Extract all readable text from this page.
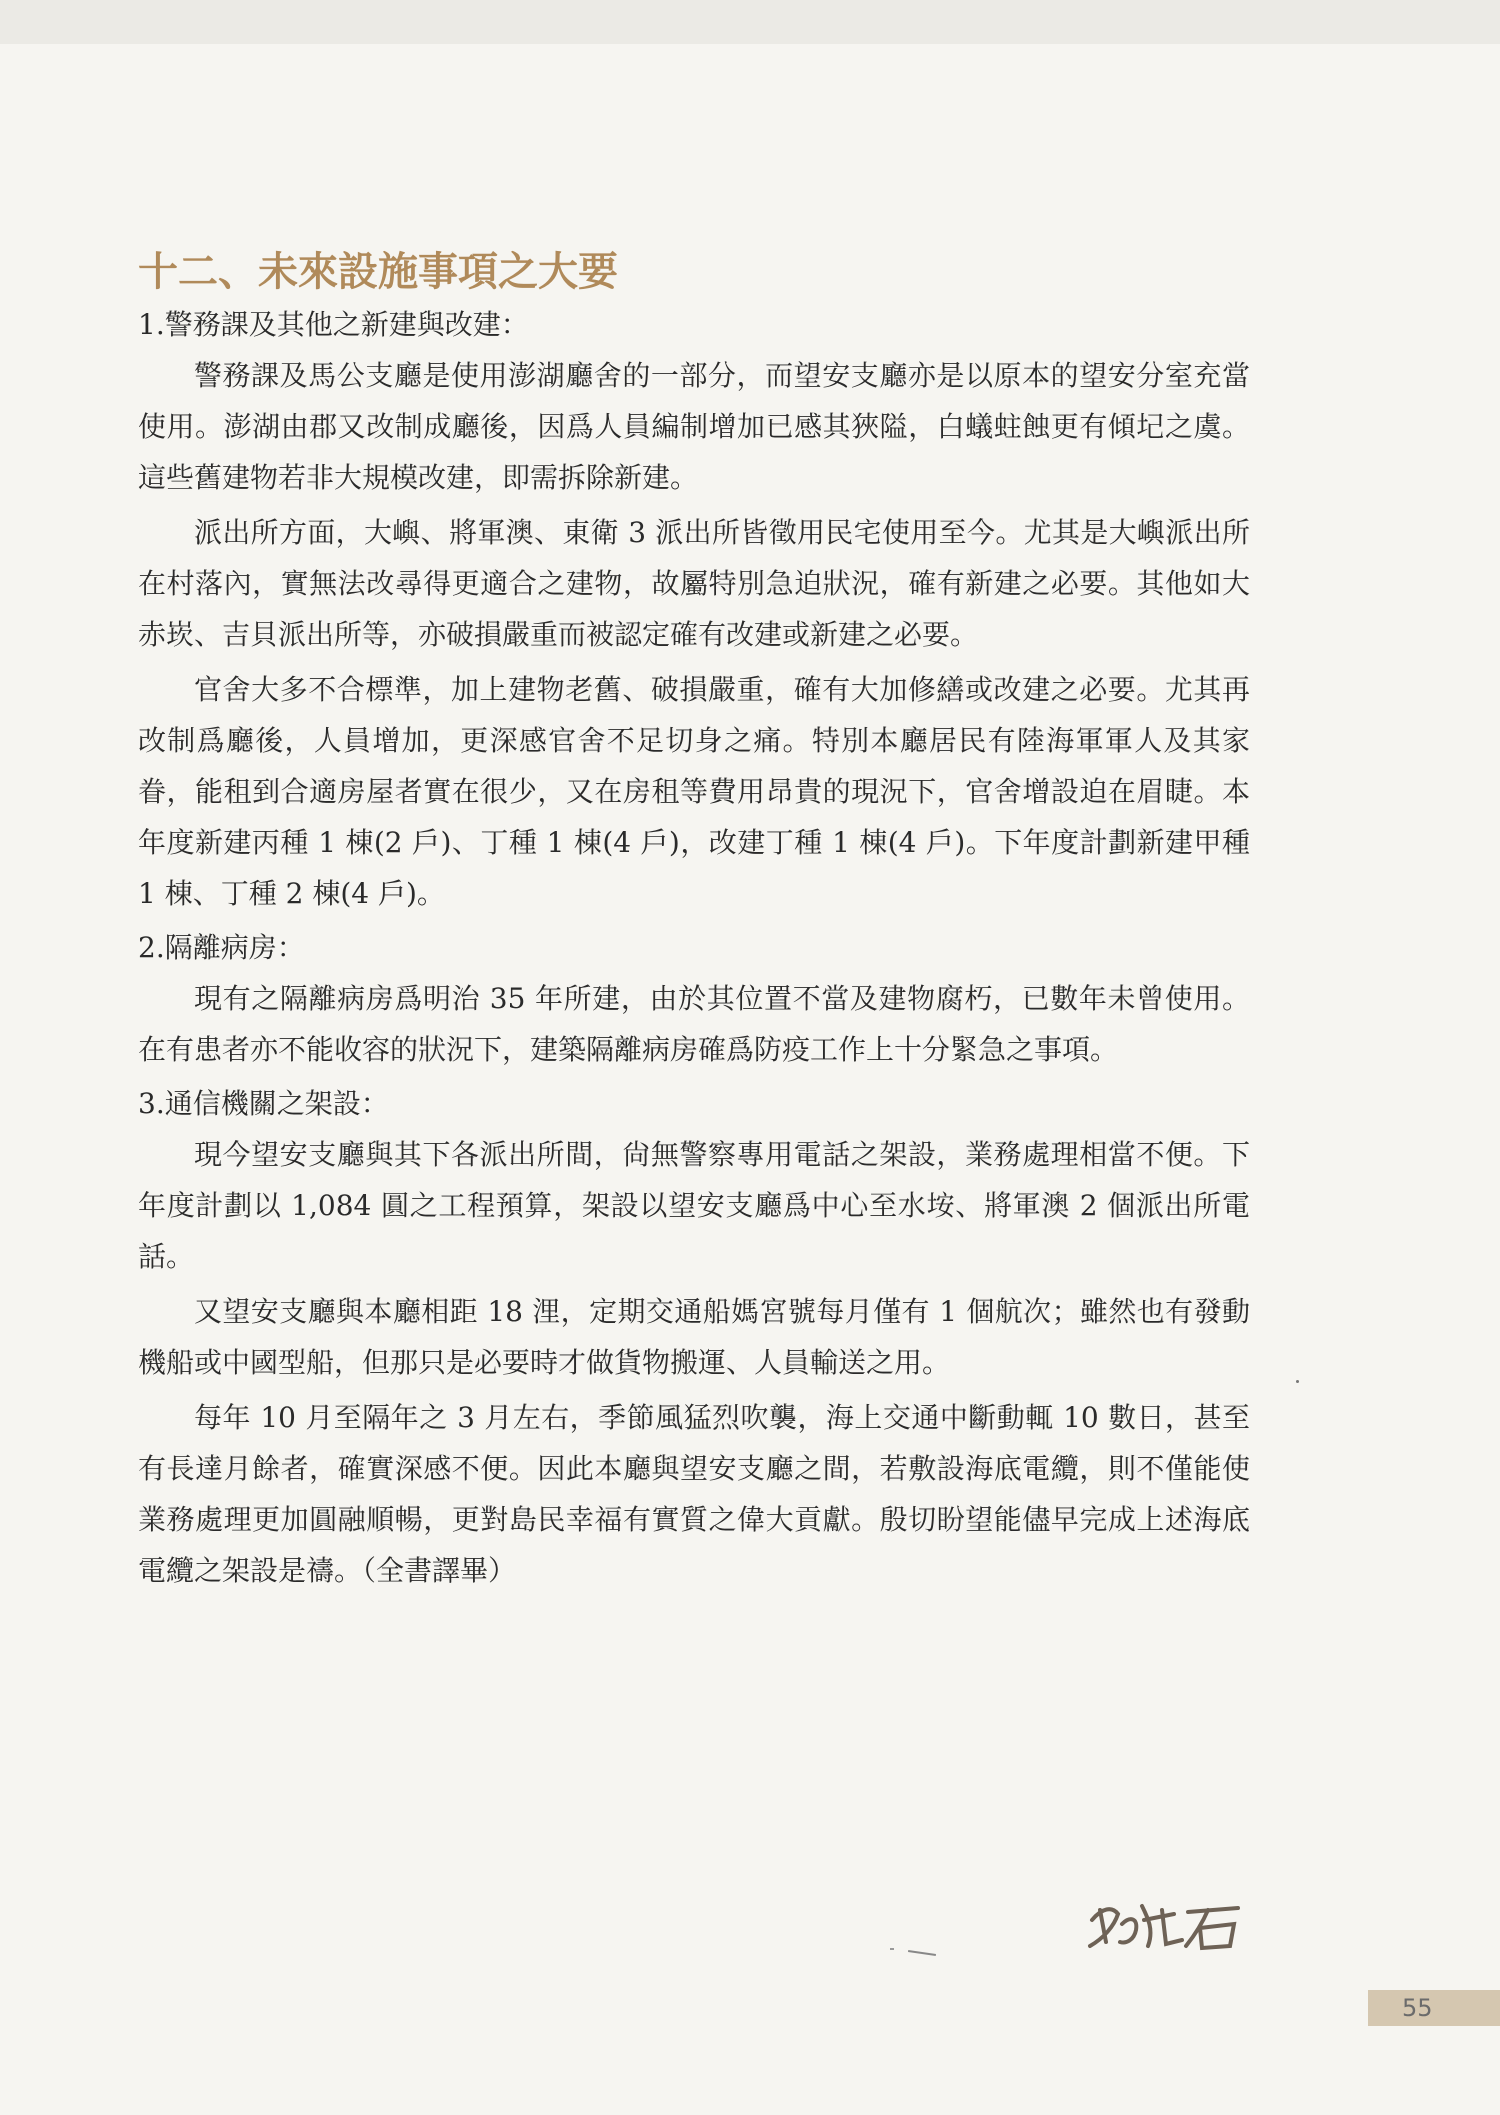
十二、未來設施事項之大要

1.警務課及其他之新建與改建：

警務課及馬公支廳是使用澎湖廳舍的一部分，而望安支廳亦是以原本的望安分室充當使用。澎湖由郡又改制成廳後，因爲人員編制增加已感其狹隘，白蟻蛀蝕更有傾圮之虞。這些舊建物若非大規模改建，即需拆除新建。

派出所方面，大嶼、將軍澳、東衛 3 派出所皆徵用民宅使用至今。尤其是大嶼派出所在村落內，實無法改尋得更適合之建物，故屬特別急迫狀況，確有新建之必要。其他如大赤崁、吉貝派出所等，亦破損嚴重而被認定確有改建或新建之必要。

官舍大多不合標準，加上建物老舊、破損嚴重，確有大加修繕或改建之必要。尤其再改制爲廳後，人員增加，更深感官舍不足切身之痛。特別本廳居民有陸海軍軍人及其家眷，能租到合適房屋者實在很少，又在房租等費用昂貴的現況下，官舍增設迫在眉睫。本年度新建丙種 1 棟(2 戶)、丁種 1 棟(4 戶)，改建丁種 1 棟(4 戶)。下年度計劃新建甲種 1 棟、丁種 2 棟(4 戶)。

2.隔離病房：

現有之隔離病房爲明治 35 年所建，由於其位置不當及建物腐朽，已數年未曾使用。在有患者亦不能收容的狀況下，建築隔離病房確爲防疫工作上十分緊急之事項。

3.通信機關之架設：

現今望安支廳與其下各派出所間，尙無警察專用電話之架設，業務處理相當不便。下年度計劃以 1,084 圓之工程預算，架設以望安支廳爲中心至水垵、將軍澳 2 個派出所電話。

又望安支廳與本廳相距 18 浬，定期交通船媽宮號每月僅有 1 個航次；雖然也有發動機船或中國型船，但那只是必要時才做貨物搬運、人員輸送之用。

每年 10 月至隔年之 3 月左右，季節風猛烈吹襲，海上交通中斷動輒 10 數日，甚至有長達月餘者，確實深感不便。因此本廳與望安支廳之間，若敷設海底電纜，則不僅能使業務處理更加圓融順暢，更對島民幸福有實質之偉大貢獻。殷切盼望能儘早完成上述海底電纜之架設是禱。（全書譯畢）

55
